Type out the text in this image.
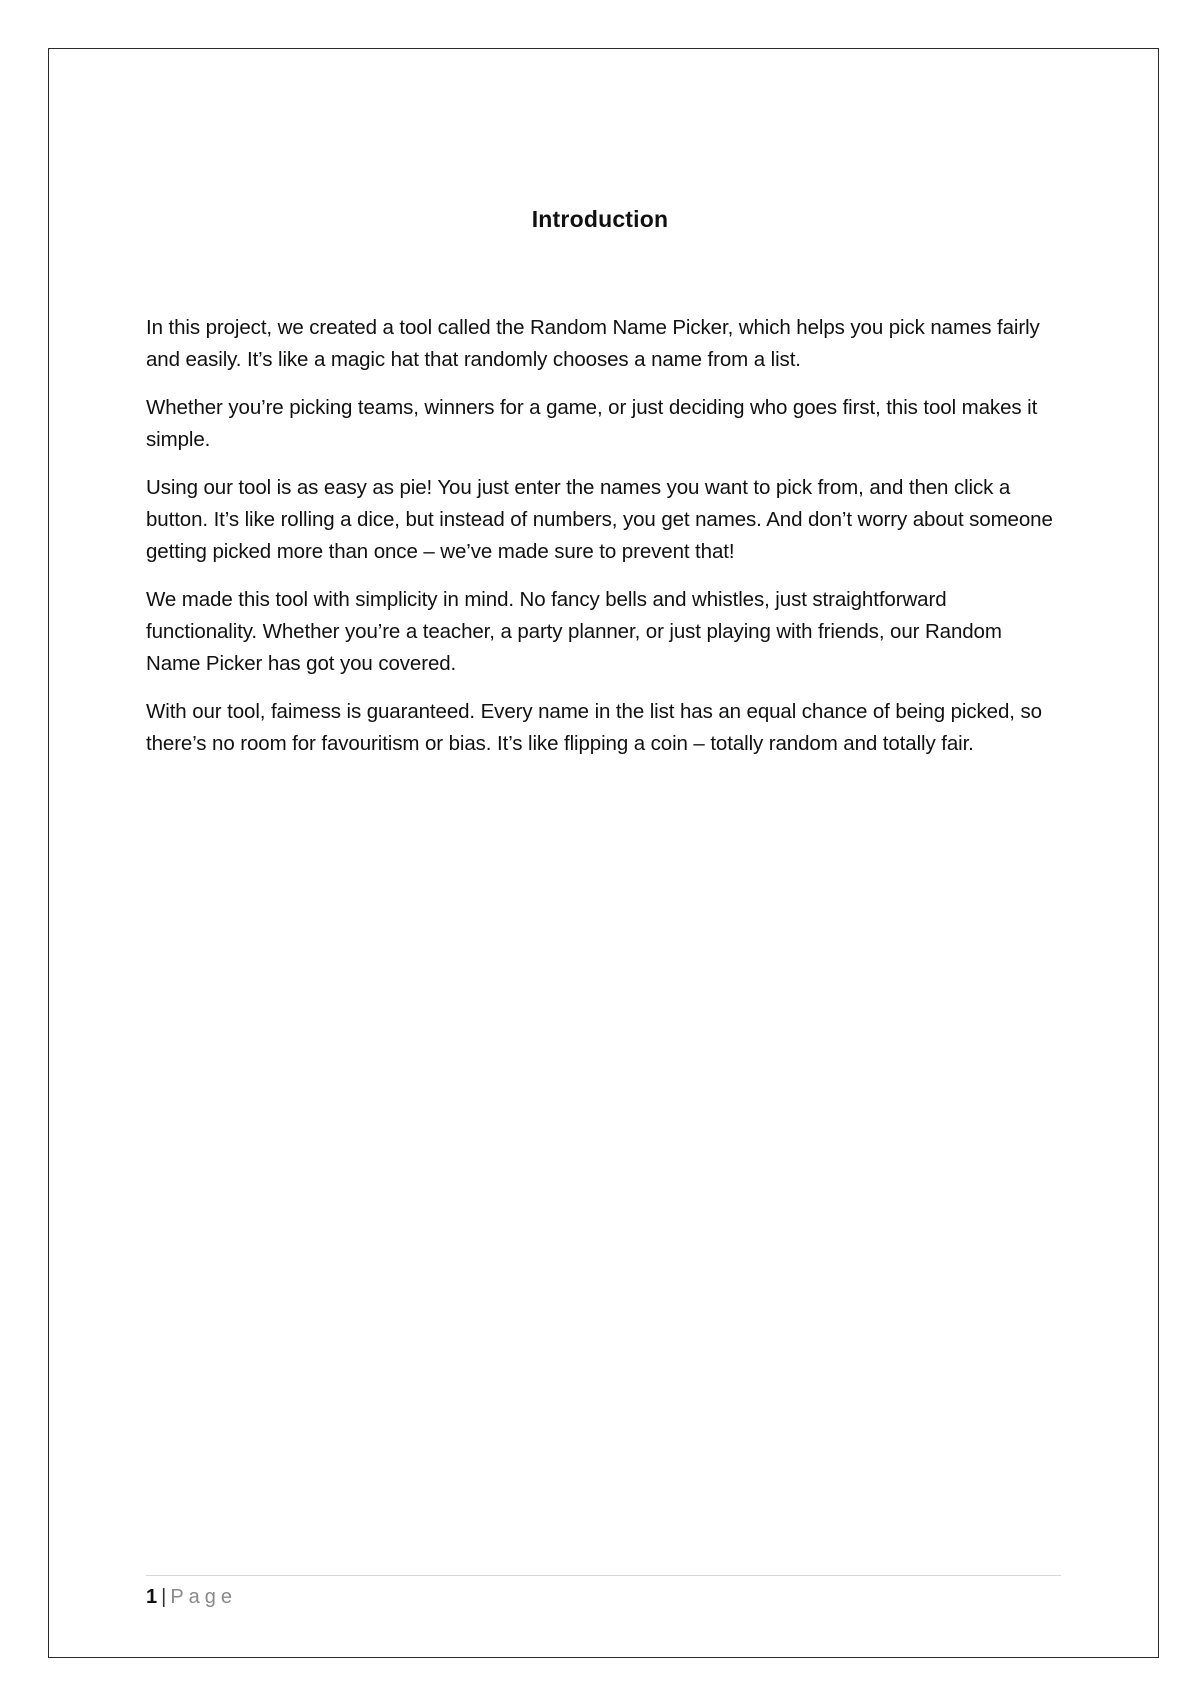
Introduction

In this project, we created a tool called the Random Name Picker, which helps you pick names fairly and easily. It’s like a magic hat that randomly chooses a name from a list.

Whether you’re picking teams, winners for a game, or just deciding who goes first, this tool makes it simple.

Using our tool is as easy as pie! You just enter the names you want to pick from, and then click a button. It’s like rolling a dice, but instead of numbers, you get names. And don’t worry about someone getting picked more than once – we’ve made sure to prevent that!

We made this tool with simplicity in mind. No fancy bells and whistles, just straightforward functionality. Whether you’re a teacher, a party planner, or just playing with friends, our Random Name Picker has got you covered.

With our tool, faimess is guaranteed. Every name in the list has an equal chance of being picked, so there’s no room for favouritism or bias. It’s like flipping a coin – totally random and totally fair.

1 | Page
